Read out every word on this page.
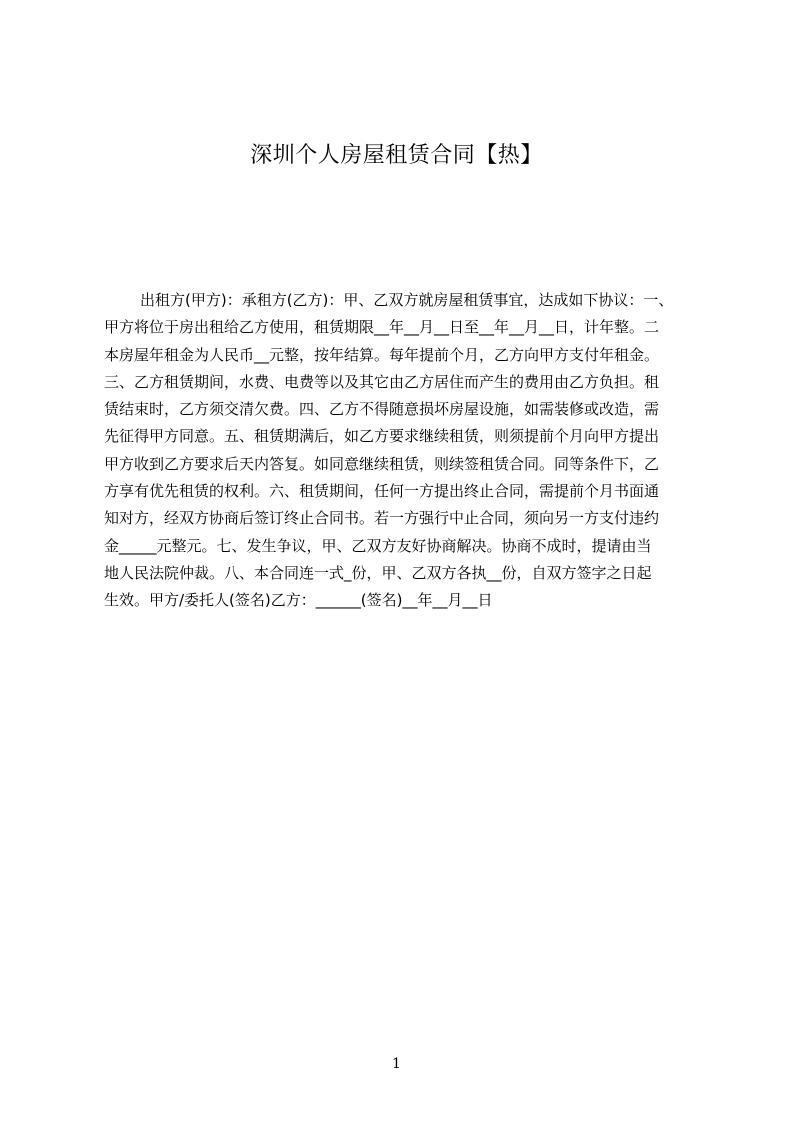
深圳个人房屋租赁合同【热】
出租方(甲方)：承租方(乙方)：甲、乙双方就房屋租赁事宜，达成如下协议：一、
甲方将位于房出租给乙方使用，租赁期限__年__月__日至__年__月__日，计年整。二
本房屋年租金为人民币__元整，按年结算。每年提前个月，乙方向甲方支付年租金。
三、乙方租赁期间，水费、电费等以及其它由乙方居住而产生的费用由乙方负担。租
赁结束时，乙方须交清欠费。四、乙方不得随意损坏房屋设施，如需装修或改造，需
先征得甲方同意。五、租赁期满后，如乙方要求继续租赁，则须提前个月向甲方提出
甲方收到乙方要求后天内答复。如同意继续租赁，则续签租赁合同。同等条件下，乙
方享有优先租赁的权利。六、租赁期间，任何一方提出终止合同，需提前个月书面通
知对方，经双方协商后签订终止合同书。若一方强行中止合同，须向另一方支付违约
金_____元整元。七、发生争议，甲、乙双方友好协商解决。协商不成时，提请由当
地人民法院仲裁。八、本合同连一式_份，甲、乙双方各执__份，自双方签字之日起
生效。甲方/委托人(签名)乙方：______(签名)__年__月__日
1
